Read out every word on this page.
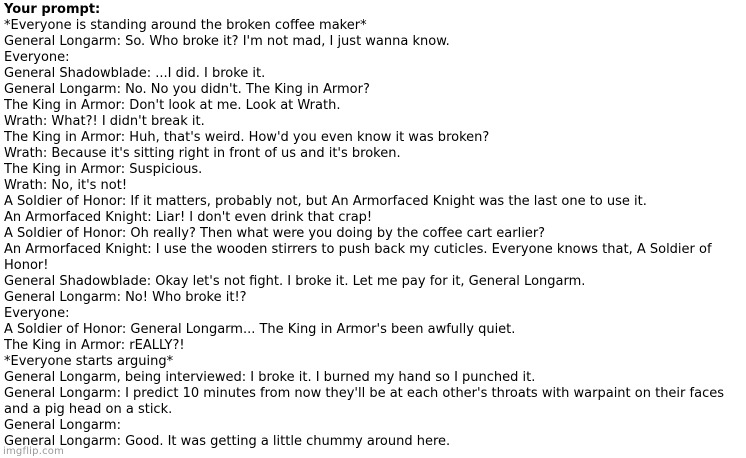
Your prompt:
*Everyone is standing around the broken coffee maker*
General Longarm: So. Who broke it? I'm not mad, I just wanna know.
Everyone:
General Shadowblade: ...I did. I broke it.
General Longarm: No. No you didn't. The King in Armor?
The King in Armor: Don't look at me. Look at Wrath.
Wrath: What?! I didn't break it.
The King in Armor: Huh, that's weird. How'd you even know it was broken?
Wrath: Because it's sitting right in front of us and it's broken.
The King in Armor: Suspicious.
Wrath: No, it's not!
A Soldier of Honor: If it matters, probably not, but An Armorfaced Knight was the last one to use it.
An Armorfaced Knight: Liar! I don't even drink that crap!
A Soldier of Honor: Oh really? Then what were you doing by the coffee cart earlier?
An Armorfaced Knight: I use the wooden stirrers to push back my cuticles. Everyone knows that, A Soldier of Honor!
General Shadowblade: Okay let's not fight. I broke it. Let me pay for it, General Longarm.
General Longarm: No! Who broke it!?
Everyone:
A Soldier of Honor: General Longarm... The King in Armor's been awfully quiet.
The King in Armor: rEALLY?!
*Everyone starts arguing*
General Longarm, being interviewed: I broke it. I burned my hand so I punched it.
General Longarm: I predict 10 minutes from now they'll be at each other's throats with warpaint on their faces and a pig head on a stick.
General Longarm:
General Longarm: Good. It was getting a little chummy around here.
imgflip.com
